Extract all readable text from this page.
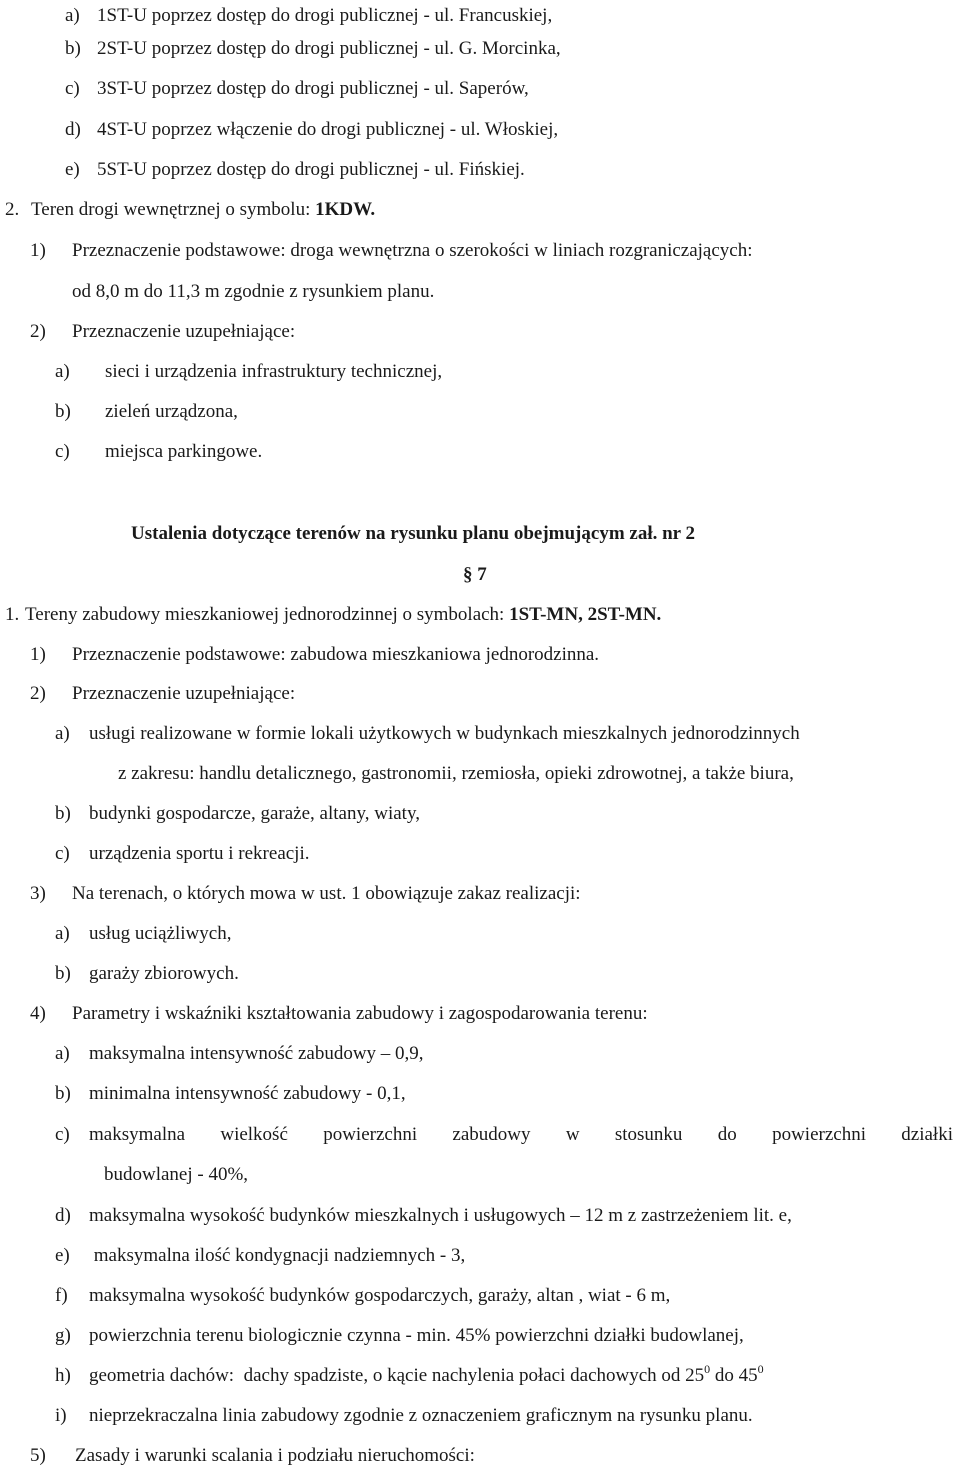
a) 1ST-U poprzez dostęp do drogi publicznej - ul. Francuskiej,
b) 2ST-U poprzez dostęp do drogi publicznej - ul. G. Morcinka,
c) 3ST-U poprzez dostęp do drogi publicznej - ul. Saperów,
d) 4ST-U poprzez włączenie do drogi publicznej - ul. Włoskiej,
e) 5ST-U poprzez dostęp do drogi publicznej - ul. Fińskiej.
2. Teren drogi wewnętrznej o symbolu: 1KDW.
1) Przeznaczenie podstawowe: droga wewnętrzna o szerokości w liniach rozgraniczających:
od 8,0 m do 11,3 m zgodnie z rysunkiem planu.
2) Przeznaczenie uzupełniające:
a) sieci i urządzenia infrastruktury technicznej,
b) zieleń urządzona,
c) miejsca parkingowe.
Ustalenia dotyczące terenów na rysunku planu obejmującym zał. nr 2
§ 7
1. Tereny zabudowy mieszkaniowej jednorodzinnej o symbolach: 1ST-MN, 2ST-MN.
1) Przeznaczenie podstawowe: zabudowa mieszkaniowa jednorodzinna.
2) Przeznaczenie uzupełniające:
a) usługi realizowane w formie lokali użytkowych w budynkach mieszkalnych jednorodzinnych
z zakresu: handlu detalicznego, gastronomii, rzemiosła, opieki zdrowotnej, a także biura,
b) budynki gospodarcze, garaże, altany, wiaty,
c) urządzenia sportu i rekreacji.
3) Na terenach, o których mowa w ust. 1 obowiązuje zakaz realizacji:
a) usług uciążliwych,
b) garaży zbiorowych.
4) Parametry i wskaźniki kształtowania zabudowy i zagospodarowania terenu:
a) maksymalna intensywność zabudowy – 0,9,
b) minimalna intensywność zabudowy - 0,1,
c)	maksymalna wielkość powierzchni zabudowy w stosunku do powierzchni działki
budowlanej - 40%,
d) maksymalna wysokość budynków mieszkalnych i usługowych – 12 m z zastrzeżeniem lit. e,
e) maksymalna ilość kondygnacji nadziemnych - 3,
f) maksymalna wysokość budynków gospodarczych, garaży, altan , wiat - 6 m,
g) powierzchnia terenu biologicznie czynna - min. 45% powierzchni działki budowlanej,
h) geometria dachów:  dachy spadziste, o kącie nachylenia połaci dachowych od $25^0$ do $45^0$
i) nieprzekraczalna linia zabudowy zgodnie z oznaczeniem graficznym na rysunku planu.
5) Zasady i warunki scalania i podziału nieruchomości:
